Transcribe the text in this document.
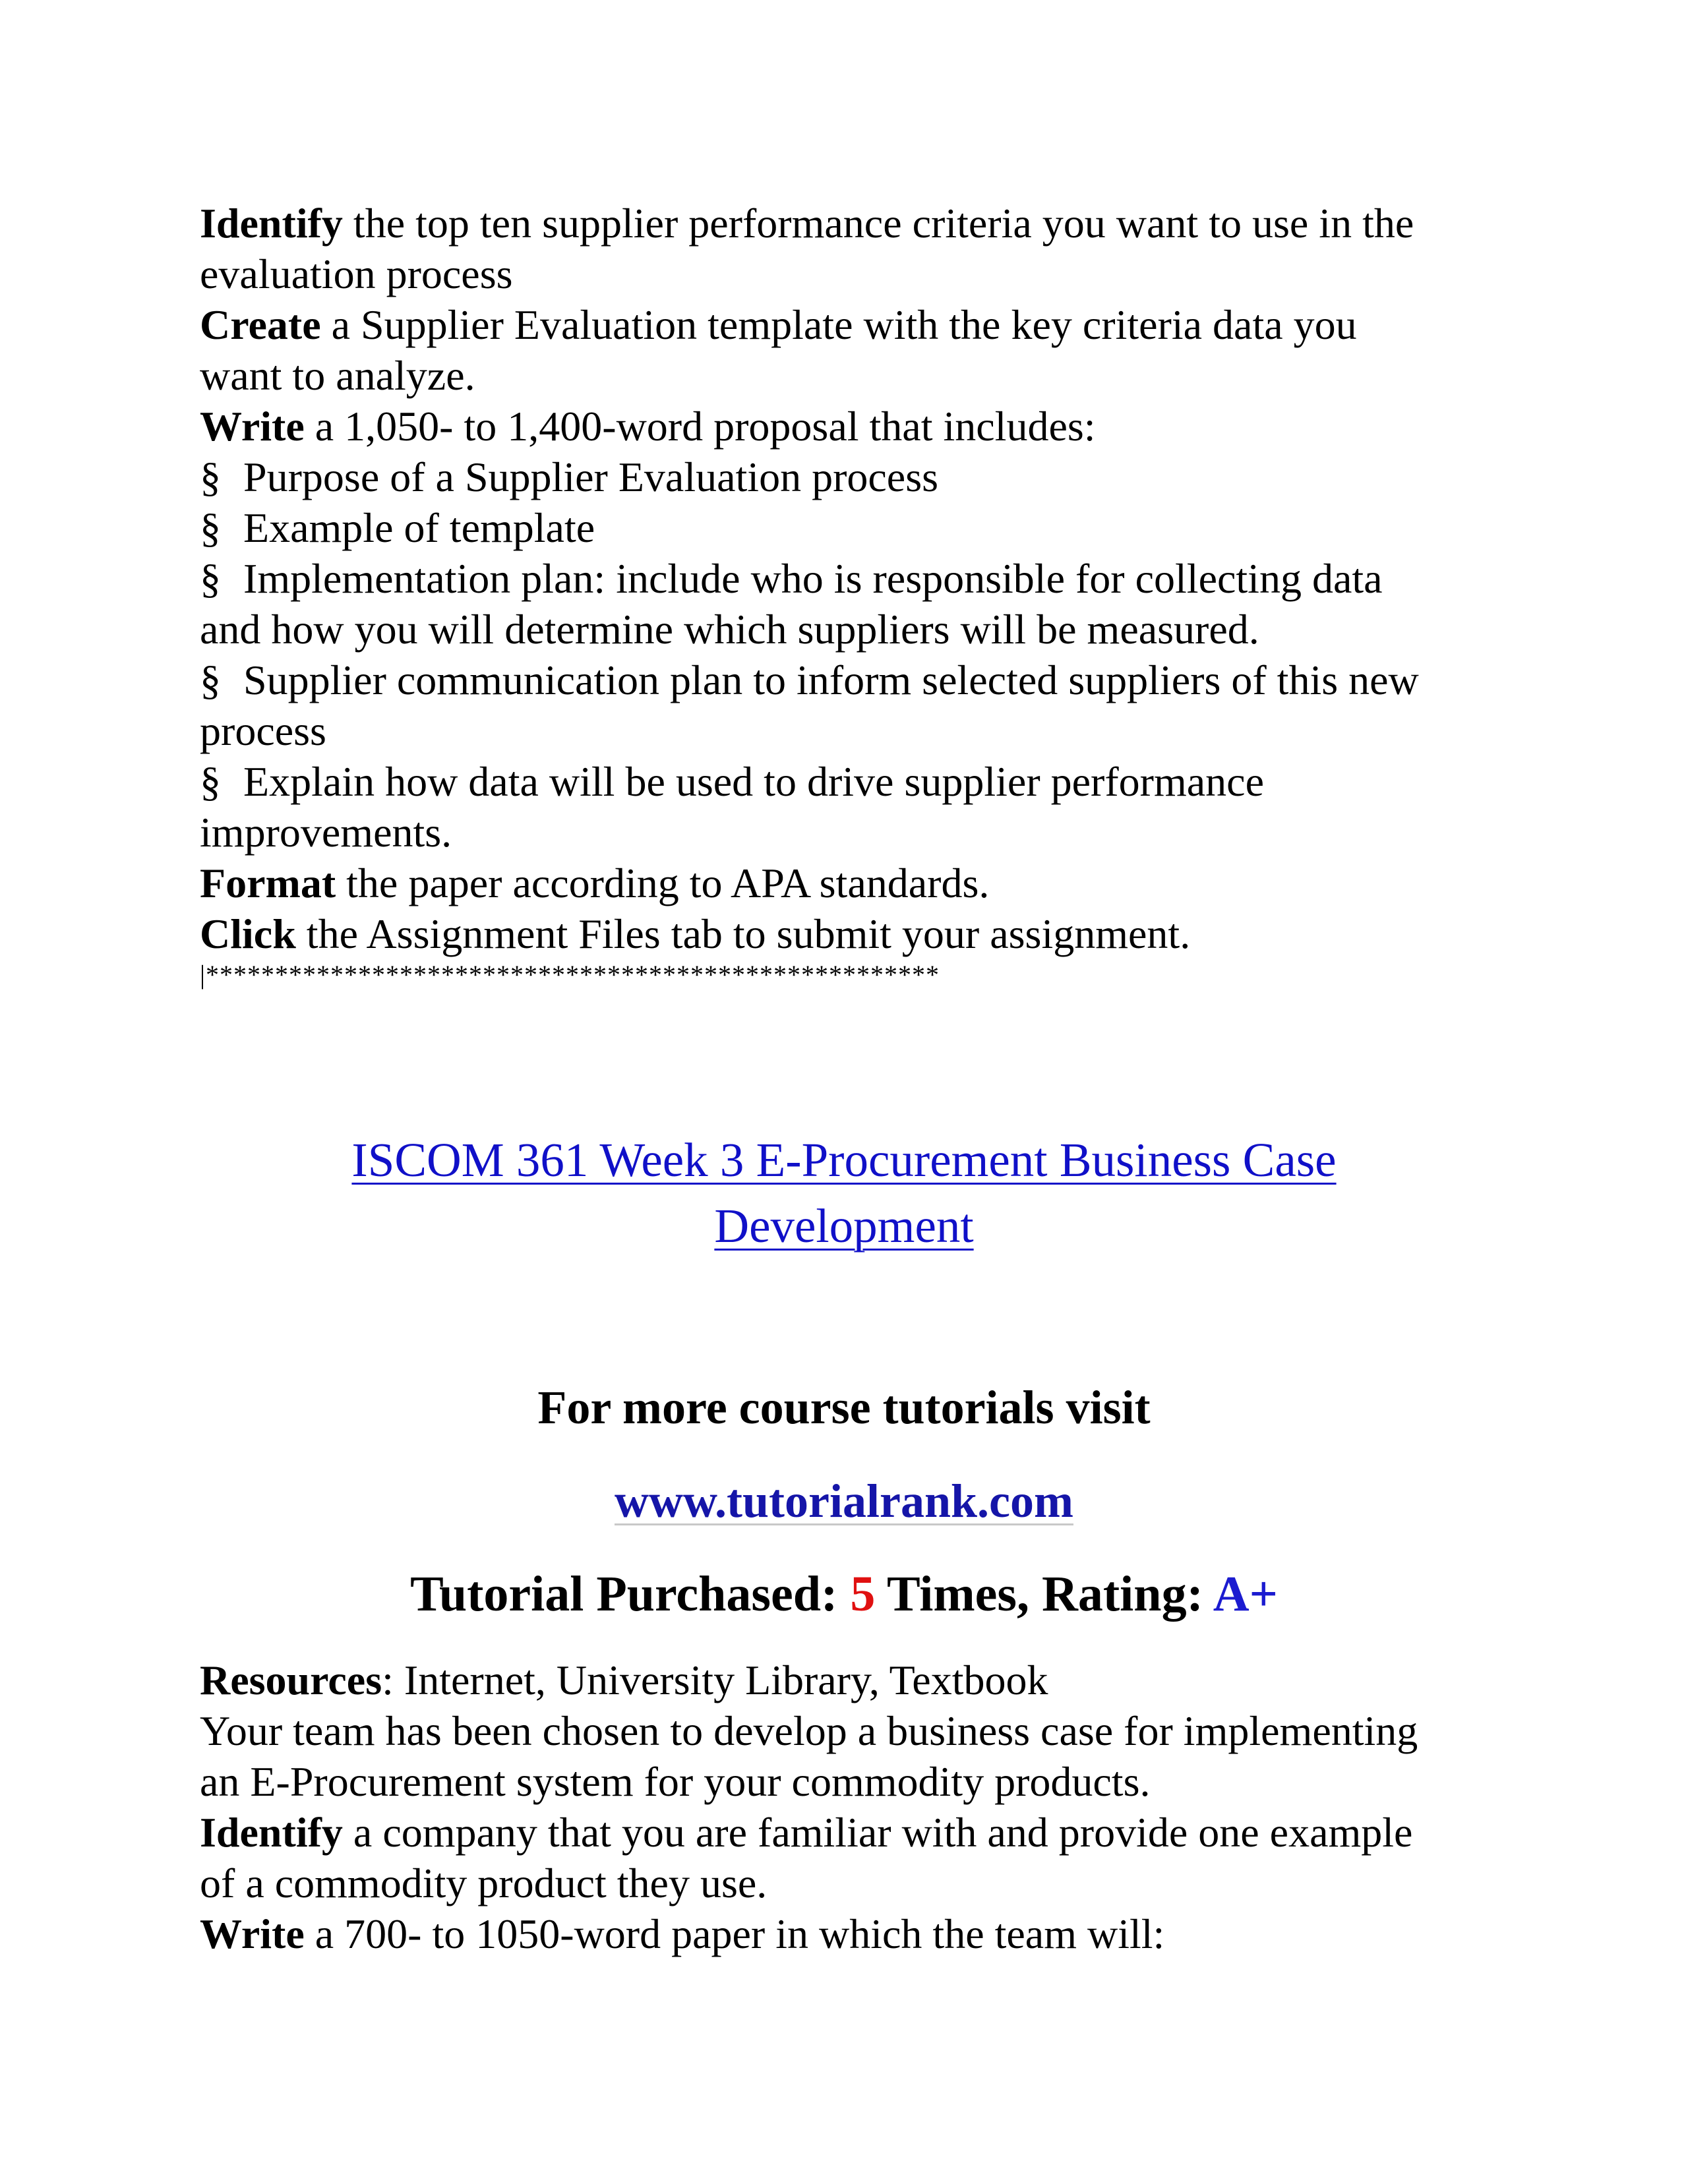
Identify the top ten supplier performance criteria you want to use in the

evaluation process

Create a Supplier Evaluation template with the key criteria data you

want to analyze.

Write a 1,050- to 1,400-word proposal that includes:

§ Purpose of a Supplier Evaluation process

§ Example of template

§ Implementation plan: include who is responsible for collecting data

and how you will determine which suppliers will be measured.

§ Supplier communication plan to inform selected suppliers of this new

process

§ Explain how data will be used to drive supplier performance

improvements.

Format the paper according to APA standards.

Click the Assignment Files tab to submit your assignment.

|*****************************************************

ISCOM 361 Week 3 E-Procurement Business Case
Development
For more course tutorials visit
www.tutorialrank.com
Tutorial Purchased: 5 Times, Rating: A+

Resources: Internet, University Library, Textbook

Your team has been chosen to develop a business case for implementing

an E-Procurement system for your commodity products.

Identify a company that you are familiar with and provide one example

of a commodity product they use.

Write a 700- to 1050-word paper in which the team will:
